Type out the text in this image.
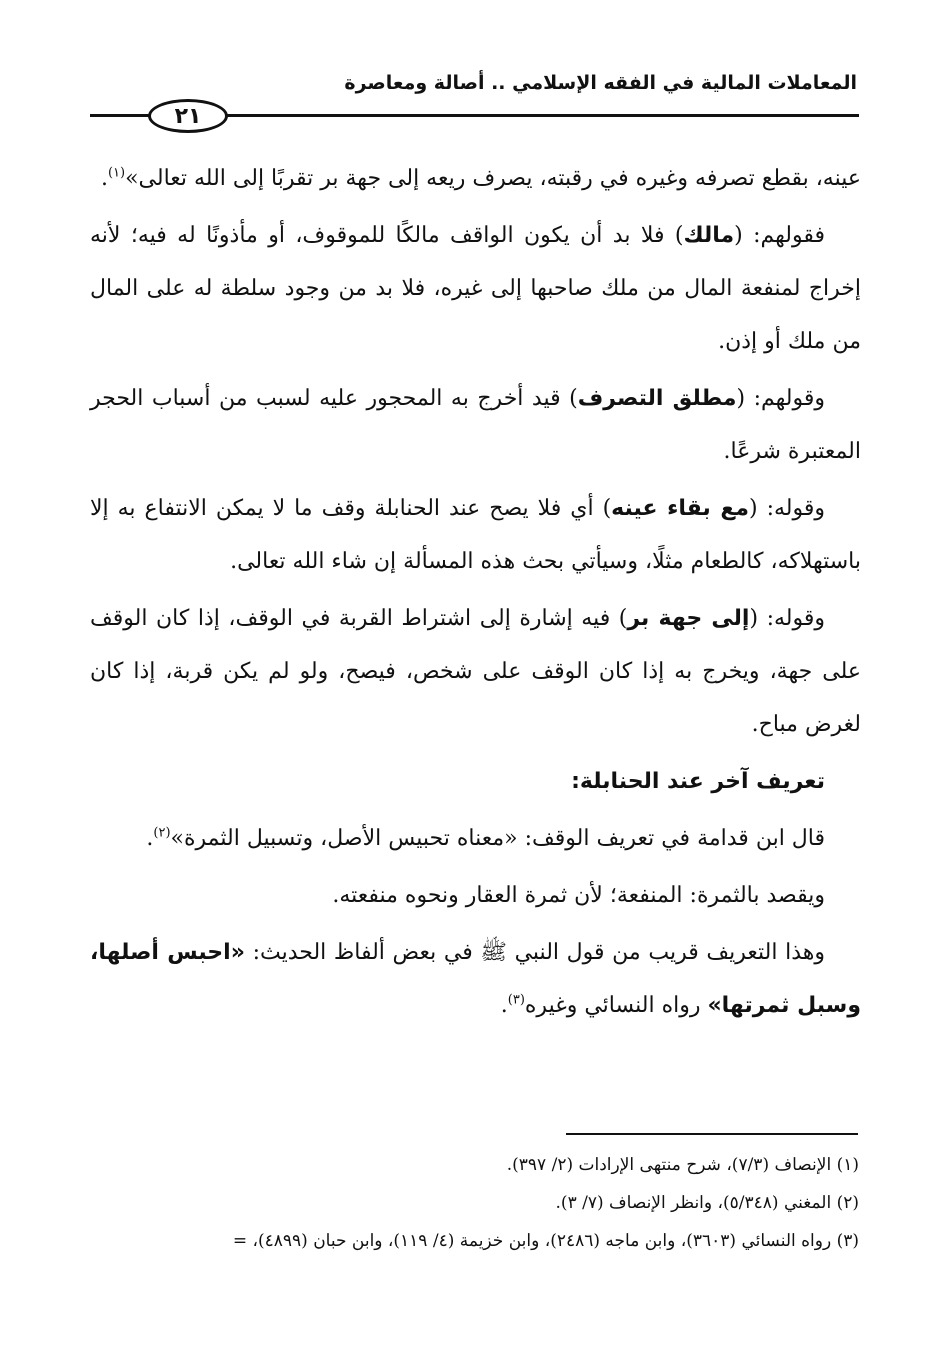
المعاملات المالية في الفقه الإسلامي .. أصالة ومعاصرة
٢١

عينه، بقطع تصرفه وغيره في رقبته، يصرف ريعه إلى جهة بر تقربًا إلى الله تعالى»$^{(١)}$.

فقولهم: (مالك) فلا بد أن يكون الواقف مالكًا للموقوف، أو مأذونًا له فيه؛ لأنه إخراج لمنفعة المال من ملك صاحبها إلى غيره، فلا بد من وجود سلطة له على المال من ملك أو إذن.

وقولهم: (مطلق التصرف) قيد أخرج به المحجور عليه لسبب من أسباب الحجر المعتبرة شرعًا.

وقوله: (مع بقاء عينه) أي فلا يصح عند الحنابلة وقف ما لا يمكن الانتفاع به إلا باستهلاكه، كالطعام مثلًا، وسيأتي بحث هذه المسألة إن شاء الله تعالى.

وقوله: (إلى جهة بر) فيه إشارة إلى اشتراط القربة في الوقف، إذا كان الوقف على جهة، ويخرج به إذا كان الوقف على شخص، فيصح، ولو لم يكن قربة، إذا كان لغرض مباح.

تعريف آخر عند الحنابلة:

قال ابن قدامة في تعريف الوقف: «معناه تحبيس الأصل، وتسبيل الثمرة»$^{(٢)}$.

ويقصد بالثمرة: المنفعة؛ لأن ثمرة العقار ونحوه منفعته.

وهذا التعريف قريب من قول النبي ﷺ في بعض ألفاظ الحديث: «احبس أصلها، وسبل ثمرتها» رواه النسائي وغيره$^{(٣)}$.

(١) الإنصاف (٧/٣)، شرح منتهى الإرادات (٢/ ٣٩٧).

(٢) المغني (٥/٣٤٨)، وانظر الإنصاف (٧/ ٣).

(٣) رواه النسائي (٣٦٠٣)، وابن ماجه (٢٤٨٦)، وابن خزيمة (٤/ ١١٩)، وابن حبان (٤٨٩٩)، =
